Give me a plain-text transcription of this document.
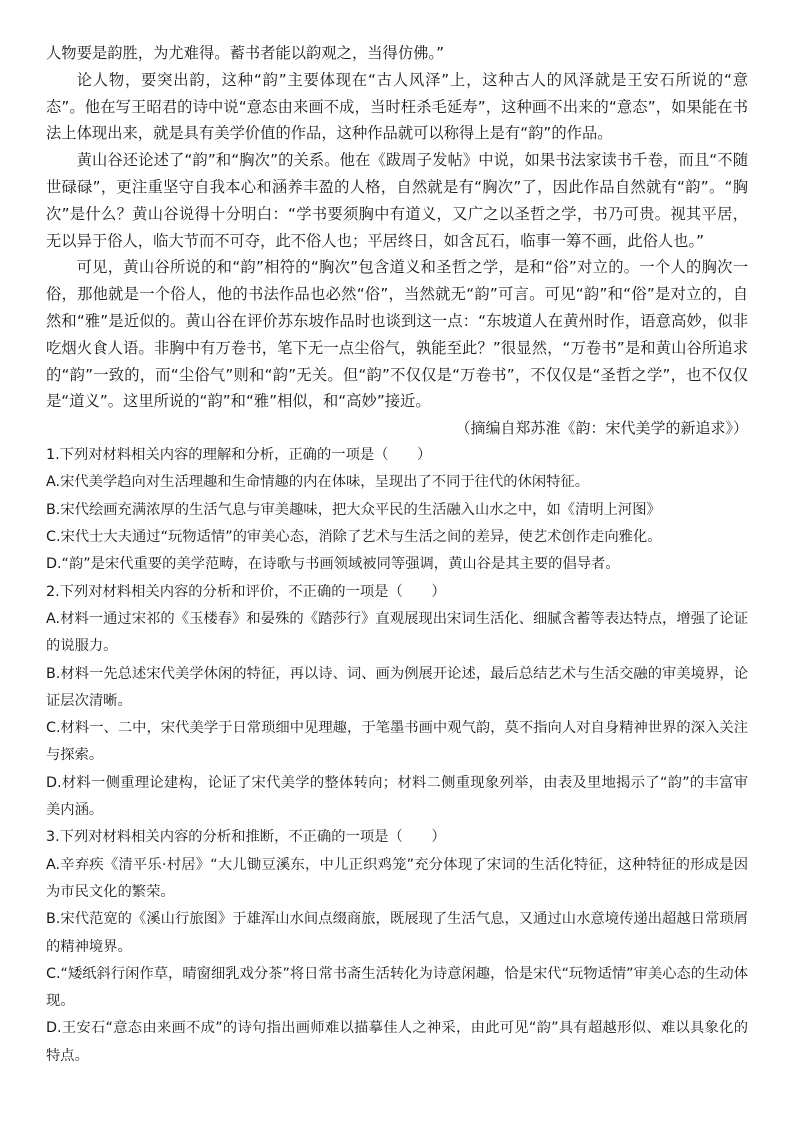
人物要是韵胜，为尤难得。蓄书者能以韵观之，当得仿佛。”

论人物，要突出韵，这种“韵”主要体现在“古人风泽”上，这种古人的风泽就是王安石所说的“意态”。他在写王昭君的诗中说“意态由来画不成，当时枉杀毛延寿”，这种画不出来的“意态”，如果能在书法上体现出来，就是具有美学价值的作品，这种作品就可以称得上是有“韵”的作品。

黄山谷还论述了“韵”和“胸次”的关系。他在《跋周子发帖》中说，如果书法家读书千卷，而且“不随世碌碌”，更注重坚守自我本心和涵养丰盈的人格，自然就是有“胸次”了，因此作品自然就有“韵”。“胸次”是什么？黄山谷说得十分明白：“学书要须胸中有道义，又广之以圣哲之学，书乃可贵。视其平居，无以异于俗人，临大节而不可夺，此不俗人也；平居终日，如含瓦石，临事一筹不画，此俗人也。”

可见，黄山谷所说的和“韵”相符的“胸次”包含道义和圣哲之学，是和“俗”对立的。一个人的胸次一俗，那他就是一个俗人，他的书法作品也必然“俗”，当然就无“韵”可言。可见“韵”和“俗”是对立的，自然和“雅”是近似的。黄山谷在评价苏东坡作品时也谈到这一点：“东坡道人在黄州时作，语意高妙，似非吃烟火食人语。非胸中有万卷书，笔下无一点尘俗气，孰能至此？”很显然，“万卷书”是和黄山谷所追求的“韵”一致的，而“尘俗气”则和“韵”无关。但“韵”不仅仅是“万卷书”，不仅仅是“圣哲之学”，也不仅仅是“道义”。这里所说的“韵”和“雅”相似，和“高妙”接近。

（摘编自郑苏淮《韵：宋代美学的新追求》）

1.下列对材料相关内容的理解和分析，正确的一项是（　　）

A.宋代美学趋向对生活理趣和生命情趣的内在体味，呈现出了不同于往代的休闲特征。

B.宋代绘画充满浓厚的生活气息与审美趣味，把大众平民的生活融入山水之中，如《清明上河图》

C.宋代士大夫通过“玩物适情”的审美心态，消除了艺术与生活之间的差异，使艺术创作走向雅化。

D.“韵”是宋代重要的美学范畴，在诗歌与书画领域被同等强调，黄山谷是其主要的倡导者。

2.下列对材料相关内容的分析和评价，不正确的一项是（　　）

A.材料一通过宋祁的《玉楼春》和晏殊的《踏莎行》直观展现出宋词生活化、细腻含蓄等表达特点，增强了论证的说服力。

B.材料一先总述宋代美学休闲的特征，再以诗、词、画为例展开论述，最后总结艺术与生活交融的审美境界，论证层次清晰。

C.材料一、二中，宋代美学于日常琐细中见理趣，于笔墨书画中观气韵，莫不指向人对自身精神世界的深入关注与探索。

D.材料一侧重理论建构，论证了宋代美学的整体转向；材料二侧重现象列举，由表及里地揭示了“韵”的丰富审美内涵。

3.下列对材料相关内容的分析和推断，不正确的一项是（　　）

A.辛弃疾《清平乐·村居》“大儿锄豆溪东，中儿正织鸡笼”充分体现了宋词的生活化特征，这种特征的形成是因为市民文化的繁荣。

B.宋代范宽的《溪山行旅图》于雄浑山水间点缀商旅，既展现了生活气息，又通过山水意境传递出超越日常琐屑的精神境界。

C.“矮纸斜行闲作草，晴窗细乳戏分茶”将日常书斋生活转化为诗意闲趣，恰是宋代“玩物适情”审美心态的生动体现。

D.王安石“意态由来画不成”的诗句指出画师难以描摹佳人之神采，由此可见“韵”具有超越形似、难以具象化的特点。
